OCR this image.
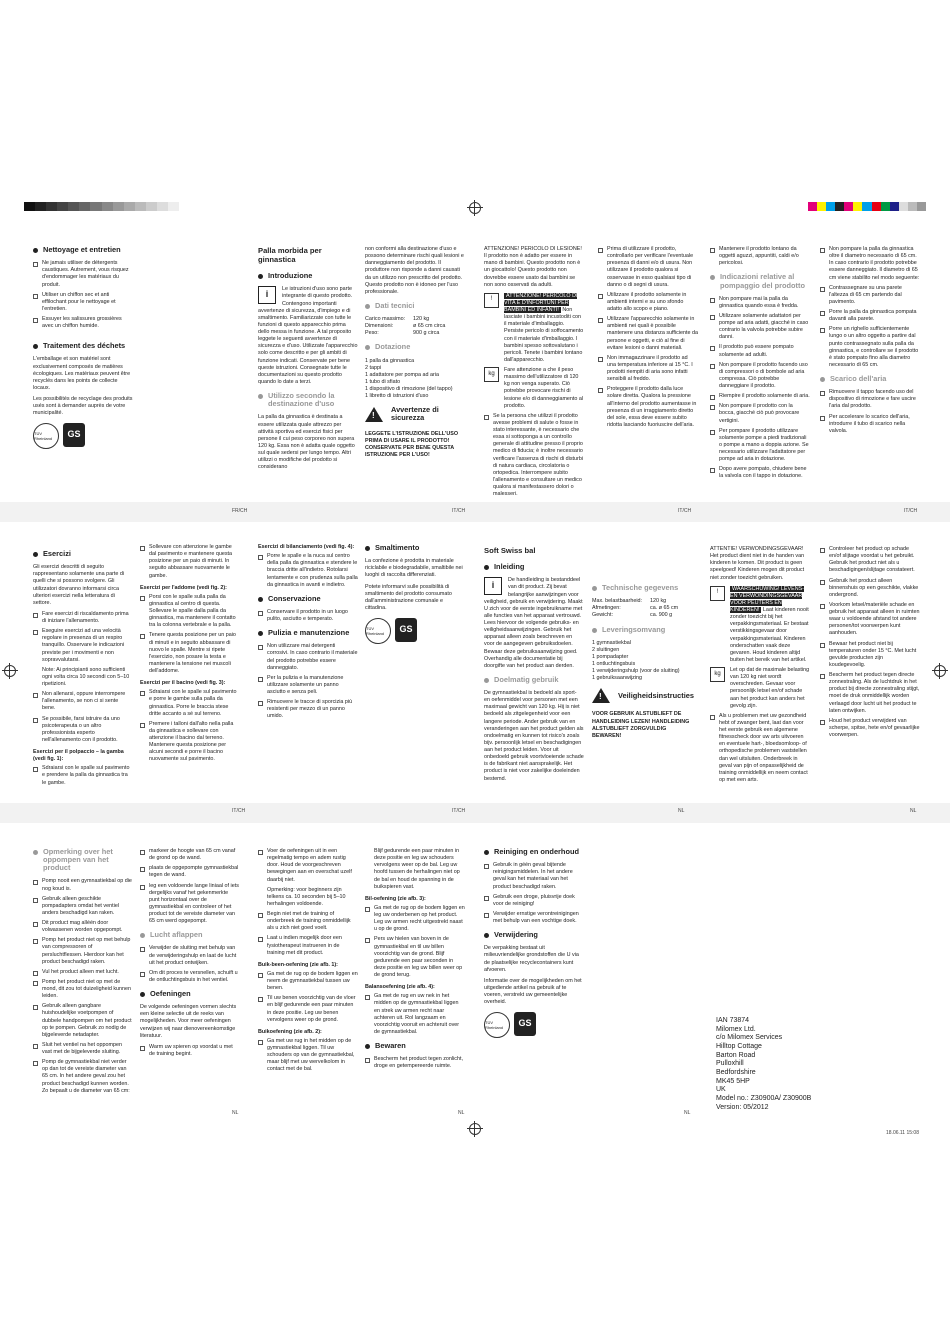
Nettoyage et entretien
Ne jamais utiliser de détergents caustiques. Autrement, vous risquez d'endommager les matériaux du produit.
Utiliser un chiffon sec et anti effilochant pour le nettoyage et l'entretien.
Essuyer les salissures grossières avec un chiffon humide.
Traitement des déchets

L'emballage et son matériel sont exclusivement composés de matières écologiques. Les matériaux peuvent être recyclés dans les points de collecte locaux.

Les possibilités de recyclage des produits usés sont à demander auprès de votre municipalité.

TÜV Rheinland	GS
Palla morbida per ginnastica
Introduzione
i

Le istruzioni d'uso sono parte integrante di questo prodotto. Contengono importanti avvertenze di sicurezza, d'impiego e di smaltimento. Familiarizzate con tutte le funzioni di questo apparecchio prima dello messa in funzione. A tal proposito leggete le seguenti avvertenze di sicurezza e d'uso. Utilizzate l'apparecchio solo come descritto e per gli ambiti di funzione indicati. Conservate per bene queste istruzioni. Consegnate tutte le documentazioni su questo prodotto quando lo date a terzi.

Utilizzo secondo la destinazione d'uso

La palla da ginnastica è destinata a essere utilizzata quale attrezzo per attività sportiva ed esercizi fisici per persone il cui peso corporeo non supera 120 kg. Essa non è adatta quale oggetto sul quale sedersi per lungo tempo. Altri utilizzi o modifiche del prodotto si considerano

non conformi alla destinazione d'uso e possono determinare rischi quali lesioni e danneggiamento del prodotto. Il produttore non risponde a danni causati da un utilizzo non prescritto del prodotto. Questo prodotto non è idoneo per l'uso professionale.

Dati tecnici
Carico massimo:	120 kg
Dimensioni:	ø 65 cm circa
Peso:	900 g circa
Dotazione
1 palla da ginnastica
2 tappi
1 adattatore per pompa ad aria
1 tubo di sfiato
1 dispositivo di rimozione (del tappo)
1 libretto di istruzioni d'uso
!
Avvertenze di sicurezza

LEGGETE L'ISTRUZIONE DELL'USO PRIMA DI USARE IL PRODOTTO! CONSERVATE PER BENE QUESTA ISTRUZIONE PER L'USO!

ATTENZIONE! PERICOLO DI LESIONE! Il prodotto non è adatto per essere in mano di bambini. Questo prodotto non è un giocattolo! Questo prodotto non dovrebbe essere usato dai bambini se non sono osservati da adulti.

!
ATTENZIONE! PERICOLO DI VITA E D'INFORTUNI PER BAMBINI ED INFANTI! Non lasciate i bambini incustoditi con il materiale d'imballaggio. Persiste pericolo di soffocamento con il materiale d'imballaggio. I bambini spesso sottovalutano i pericoli. Tenete i bambini lontano dall'apparecchio.
kg
Fare attenzione a che il peso massimo dell'utilizzatore di 120 kg non venga superato. Ciò potrebbe provocare rischi di lesione e/o di danneggiamento al prodotto.
Se la persona che utilizzi il prodotto avesse problemi di salute o fosse in stato interessante, è necessario che essa si sottoponga a un controllo generale di attitudine presso il proprio medico di fiducia; è inoltre necessario verificare l'assenza di rischi di disturbi di natura cardiaca, circolatoria o ortopedica. Interrompere subito l'allenamento e consultare un medico qualora si manifestassero dolori o malesseri.
Prima di utilizzare il prodotto, controllarlo per verificare l'eventuale presenza di danni e/o di usura. Non utilizzare il prodotto qualora si osservasse in esso qualsiasi tipo di danno o di segni di usura.
Utilizzare il prodotto solamente in ambienti interni e su uno sfondo adatto allo scopo e piano.
Utilizzare l'apparecchio solamente in ambienti nei quali è possibile mantenere una distanza sufficiente da persone e oggetti, e ciò al fine di evitare lesioni o danni materiali.
Non immagazzinare il prodotto ad una temperatura inferiore ai 15 °C. I prodotti riempiti di aria sono infatti sensibili al freddo.
Proteggere il prodotto dalla luce solare diretta. Qualora la pressione all'interno del prodotto aumentasse in presenza di un irraggiamento diretto del sole, essa deve essere subito ridotta lasciando fuoriuscire dell'aria.
Mantenere il prodotto lontano da oggetti aguzzi, appuntiti, caldi e/o pericolosi.
Indicazioni relative al pompaggio del prodotto
Non pompare mai la palla da ginnastica quando essa è fredda.
Utilizzare solamente adattatori per pompe ad aria adatti, giacché in caso contrario la valvola potrebbe subire danni.
Il prodotto può essere pompato solamente ad adulti.
Non pompare il prodotto facendo uso di compressori o di bombole ad aria compressa. Ciò potrebbe danneggiare il prodotto.
Riempire il prodotto solamente di aria.
Non pompare il prodotto con la bocca, giacché ciò può provocare vertigini.
Per pompare il prodotto utilizzare solamente pompe a piedi tradizionali o pompe a mano a doppia azione. Se necessario utilizzare l'adattatore per pompe ad aria in dotazione.
Dopo avere pompato, chiudere bene la valvola con il tappo in dotazione.
Non pompare la palla da ginnastica oltre il diametro necessario di 65 cm. In caso contrario il prodotto potrebbe essere danneggiato. Il diametro di 65 cm viene stabilito nel modo seguente:
Contrassegnare su una parete l'altezza di 65 cm partendo dal pavimento.
Porre la palla da ginnastica pompata davanti alla parete.
Porre un righello sufficientemente lungo o un altro oggetto a partire dal punto contrassegnato sulla palla da ginnastica, e controllare se il prodotto è stato pompato fino alla diametro necessario di 65 cm.
Scarico dell'aria
Rimuovere il tappo facendo uso del dispositivo di rimozione e fare uscire l'aria dal prodotto.
Per accelerare lo scarico dell'aria, introdurre il tubo di scarico nella valvola.
FR/CH	IT/CH	IT/CH	IT/CH
Esercizi

Gli esercizi descritti di seguito rappresentano solamente una parte di quelli che si possono svolgere. Gli utilizzatori dovranno informarsi circa ulteriori esercizi nella letteratura di settore.

Fare esercizi di riscaldamento prima di iniziare l'allenamento.
Eseguire esercizi ad una velocità regolare in presenza di un respiro tranquillo. Osservare le indicazioni previste per i movimenti e non sopravvalutarsi.
Note: Ai principianti sono sufficienti ogni volta circa 10 secondi con 5–10 ripetizioni.
Non allenarsi, oppure interrompere l'allenamento, se non ci si sente bene.
Se possibile, farsi istruire da uno psicoterapeuta o un altro professionista esperto nell'allenamento con il prodotto.
Esercizi per il polpaccio – la gamba (vedi fig. 1):
Sdraiarsi con le spalle sul pavimento e prendere la palla da ginnastica tra le gambe.
Sollevare con attenzione le gambe dal pavimento e mantenere questa posizione per un paio di minuti. In seguito abbassare nuovamente le gambe.
Esercizi per l'addome (vedi fig. 2):
Porsi con le spalle sulla palla da ginnastica al centro di questa. Sollevare le spalle dalla palla da ginnastica, ma mantenere il contatto tra la colonna vertebrale e la palla.
Tenere questa posizione per un paio di minuti e in seguito abbassare di nuovo le spalle. Mentre si ripete l'esercizio, non posare la testa e mantenere la tensione nei muscoli dell'addome.
Esercizi per il bacino (vedi fig. 3):
Sdraiarsi con le spalle sul pavimento e porre le gambe sulla palla da ginnastica. Porre le braccia stese dritte accanto a sé sul terreno.
Premere i talloni dall'alto nella palla da ginnastica e sollevare con attenzione il bacino dal terreno. Mantenere questa posizione per alcuni secondi e porre il bacino nuovamente sul pavimento.
Esercizi di bilanciamento (vedi fig. 4):
Porre le spalle e la nuca sul centro della palla da ginnastica e stendere le braccia dritte all'indietro. Rotolarsi lentamente e con prudenza sulla palla da ginnastica in avanti e indietro.
Conservazione
Conservare il prodotto in un luogo pulito, asciutto e temperato.
Pulizia e manutenzione
Non utilizzare mai detergenti corrosivi. In caso contrario il materiale del prodotto potrebbe essere danneggiato.
Per la pulizia e la manutenzione utilizzare solamente un panno asciutto e senza peli.
Rimuovere le tracce di sporcizia più resistenti per mezzo di un panno umido.
Smaltimento

La confezione è prodotta in materiale riciclabile e biodegradabile, smaltibile nei luoghi di raccolta differenziati.

Potete informarvi sulle possibilità di smaltimento del prodotto consumato dall'amministrazione comunale e cittadina.

TÜV Rheinland	GS
Soft Swiss bal
Inleiding
i

De handleiding is bestanddeel van dit product. Zij bevat belangrijke aanwijzingen voor veiligheid, gebruik en verwijdering. Maakt U zich voor de eerste ingebruikname met alle functies van het apparaat vertrouwd. Lees hiervoor de volgende gebruiks- en veiligheidsaanwijzingen. Gebruik het apparaat alleen zoals beschreven en voor de aangegeven gebruiksdoelen. Bewaar deze gebruiksaanwijzing goed. Overhandig alle documentatie bij doorgifte van het product aan derden.

Doelmatig gebruik

De gymnastiekbal is bedoeld als sport- en oefenmiddel voor personen met een maximaal gewicht van 120 kg. Hij is niet bedoeld als zitgelegenheid voor een langere periode. Ander gebruik van en veranderingen aan het product gelden als ondoelmatig en kunnen tot risico's zoals bijv. persoonlijk letsel en beschadigingen aan het product leiden. Voor uit onbedoeld gebruik voortvloeiende schade is de fabrikant niet aansprakelijk. Het product is niet voor zakelijke doeleinden bestemd.

Technische gegevens
Max. belastbaarheid:	120 kg
Afmetingen:	ca. ø 65 cm
Gewicht:	ca. 900 g
Leveringsomvang
1 gymnastiekbal
2 sluitingen
1 pompadapter
1 ontluchtingsbuis
1 verwijderingshulp (voor de sluiting)
1 gebruiksaanwijzing
! Veiligheidsinstructies

VOOR GEBRUIK ALSTUBLIEFT DE HANDLEIDING LEZEN! HANDLEIDING ALSTUBLIEFT ZORGVULDIG BEWAREN!

ATTENTIE! VERWONDINGSGEVAAR! Het product dient niet in de handen van kinderen te komen. Dit product is geen speelgoed! Kinderen mogen dit product niet zonder toezicht gebruiken.

!
WAARSCHUWING! LEVENS- EN VERWONDINGSGEVAAR VOOR PEUTERS EN KINDEREN! Laat kinderen nooit zonder toezicht bij het verpakkingsmateriaal. Er bestaat verstikkingsgevaar door verpakkingsmateriaal. Kinderen onderschatten vaak deze gevaren. Houd kinderen altijd buiten het bereik van het artikel.
kg
Let op dat de maximale belasting van 120 kg niet wordt overschreden. Gevaar voor persoonlijk letsel en/of schade aan het product kan anders het gevolg zijn.
Als u problemen met uw gezondheid hebt of zwanger bent, laat dan voor het eerste gebruik een algemene fitnesscheck door uw arts uitvoeren en eventuele hart-, bloedsomloop- of orthopedische problemen vaststellen dan wel uitsluiten. Onderbreek in geval van pijn of onpasselijkheid de training onmiddellijk en neem contact op met een arts.
Controleer het product op schade en/of slijtage voordat u het gebruikt. Gebruik het product niet als u beschadigingen/slijtage constateert.
Gebruik het product alleen binnenshuis op een geschikte, vlakke ondergrond.
Voorkom letsel/materiële schade en gebruik het apparaat alleen in ruimten waar u voldoende afstand tot andere personen/tot voorwerpen kunt aanhouden.
Bewaar het product niet bij temperaturen onder 15 °C. Met lucht gevulde producten zijn koudegevoelig.
Bescherm het product tegen directe zonnestraling. Als de luchtdruk in het product bij directe zonnestraling stijgt, moet de druk onmiddellijk worden verlaagd door lucht uit het product te laten ontwijken.
Houd het product verwijderd van scherpe, spitse, hete en/of gevaarlijke voorwerpen.
IT/CH	IT/CH	NL	NL
Opmerking over het oppompen van het product
Pomp nooit een gymnastiekbal op die nog koud is.
Gebruik alleen geschikte pompadapters omdat het ventiel anders beschadigd kan raken.
Dit product mag alléén door volwassenen worden opgepompt.
Pomp het product niet op met behulp van compressoren of persluchtflessen. Hierdoor kan het product beschadigd raken.
Vul het product alleen met lucht.
Pomp het product niet op met de mond, dit zou tot duizeligheid kunnen leiden.
Gebruik alleen gangbare huishoudelijke voetpompen of dubbele handpompen om het product op te pompen. Gebruik zo nodig de bijgeleverde netadapter.
Sluit het ventiel na het oppompen vast met de bijgeleverde sluiting.
Pomp de gymnastiekbal niet verder op dan tot de vereiste diameter van 65 cm. In het andere geval zou het product beschadigd kunnen worden. Zo bepaalt u de diameter van 65 cm:
markeer de hoogte van 65 cm vanaf de grond op de wand.
plaats de opgepompte gymnastiekbal tegen de wand.
leg een voldoende lange liniaal of iets dergelijks vanaf het gekenmerkte punt horizontaal over de gymnastiekbal en controleer of het product tot de vereiste diameter van 65 cm werd opgepompt.
Lucht aflappen
Verwijder de sluiting met behulp van de verwijderingshulp en laat de lucht uit het product ontwijken.
Om dit proces te versnellen, schuift u de ontluchtingsbuis in het ventiel.
Oefeningen

De volgende oefeningen vormen slechts een kleine selectie uit de reeks van mogelijkheden. Voor meer oefeningen verwijzen wij naar dienovereenkomstige literatuur.

Warm uw spieren op voordat u met de training begint.
Voer de oefeningen uit in een regelmatig tempo en adem rustig door. Houd de voorgeschreven bewegingen aan en overschat uzelf daarbij niet.
Opmerking: voor beginners zijn telkens ca. 10 seconden bij 5–10 herhalingen voldoende.
Begin niet met de training of onderbreek de training onmiddellijk als u zich niet goed voelt.
Laat u indien mogelijk door een fysiotherapeut instrueren in de training met dit product.
Buik-been-oefening (zie afb. 1):
Ga met de rug op de bodem liggen en neem de gymnastiekbal tussen uw benen.
Til uw benen voorzichtig van de vloer en blijf gedurende een paar minuten in deze positie. Leg uw benen vervolgens weer op de grond.
Buikoefening (zie afb. 2):
Ga met uw rug in het midden op de gymnastiekbal liggen. Til uw schouders op van de gymnastiekbal, maar blijf met uw wervelkolom in contact met de bal.
Blijf gedurende een paar minuten in deze positie en leg uw schouders vervolgens weer op de bal. Leg uw hoofd tussen de herhalingen niet op de bal en houd de spanning in de buikspieren vast.
Bil-oefening (zie afb. 3):
Ga met de rug op de bodem liggen en leg uw onderbenen op het product. Leg uw armen recht uitgestrekt naast u op de grond.
Pers uw hielen van boven in de gymnastiekbal en til uw billen voorzichtig van de grond. Blijf gedurende een paar seconden in deze positie en leg uw billen weer op de grond terug.
Balansoefening (zie afb. 4):
Ga met de rug en uw nek in het midden op de gymnastiekbal liggen en strek uw armen recht naar achteren uit. Rol langzaam en voorzichtig vooruit en achteruit over de gymnastiekbal.
Bewaren
Bescherm het product tegen zonlicht, droge en getempereerde ruimte.
Reiniging en onderhoud
Gebruik in géén geval bijtende reinigingsmiddelen. In het andere geval kan het materiaal van het product beschadigd raken.
Gebruik een droge, pluisvrije doek voor de reiniging!
Verwijder ernstige verontreinigingen met behulp van een vochtige doek.
Verwijdering

De verpakking bestaat uit milieuvriendelijke grondstoffen die U via de plaatselijke recyclecontainers kunt afvoeren.

Informatie over de mogelijkheden om het uitgediende artikel na gebruik af te voeren, verstrekt uw gemeentelijke overheid.

TÜV Rheinland	GS	IAN 73874
Milomex Ltd.
c/o Milomex Services
Hilltop Cottage
Barton Road
Pulloxhill
Bedfordshire
MK45 5HP
UK
Model no.: Z30900A/ Z30900B
Version: 05/2012
NL	NL	NL
18.06.11 15:08
